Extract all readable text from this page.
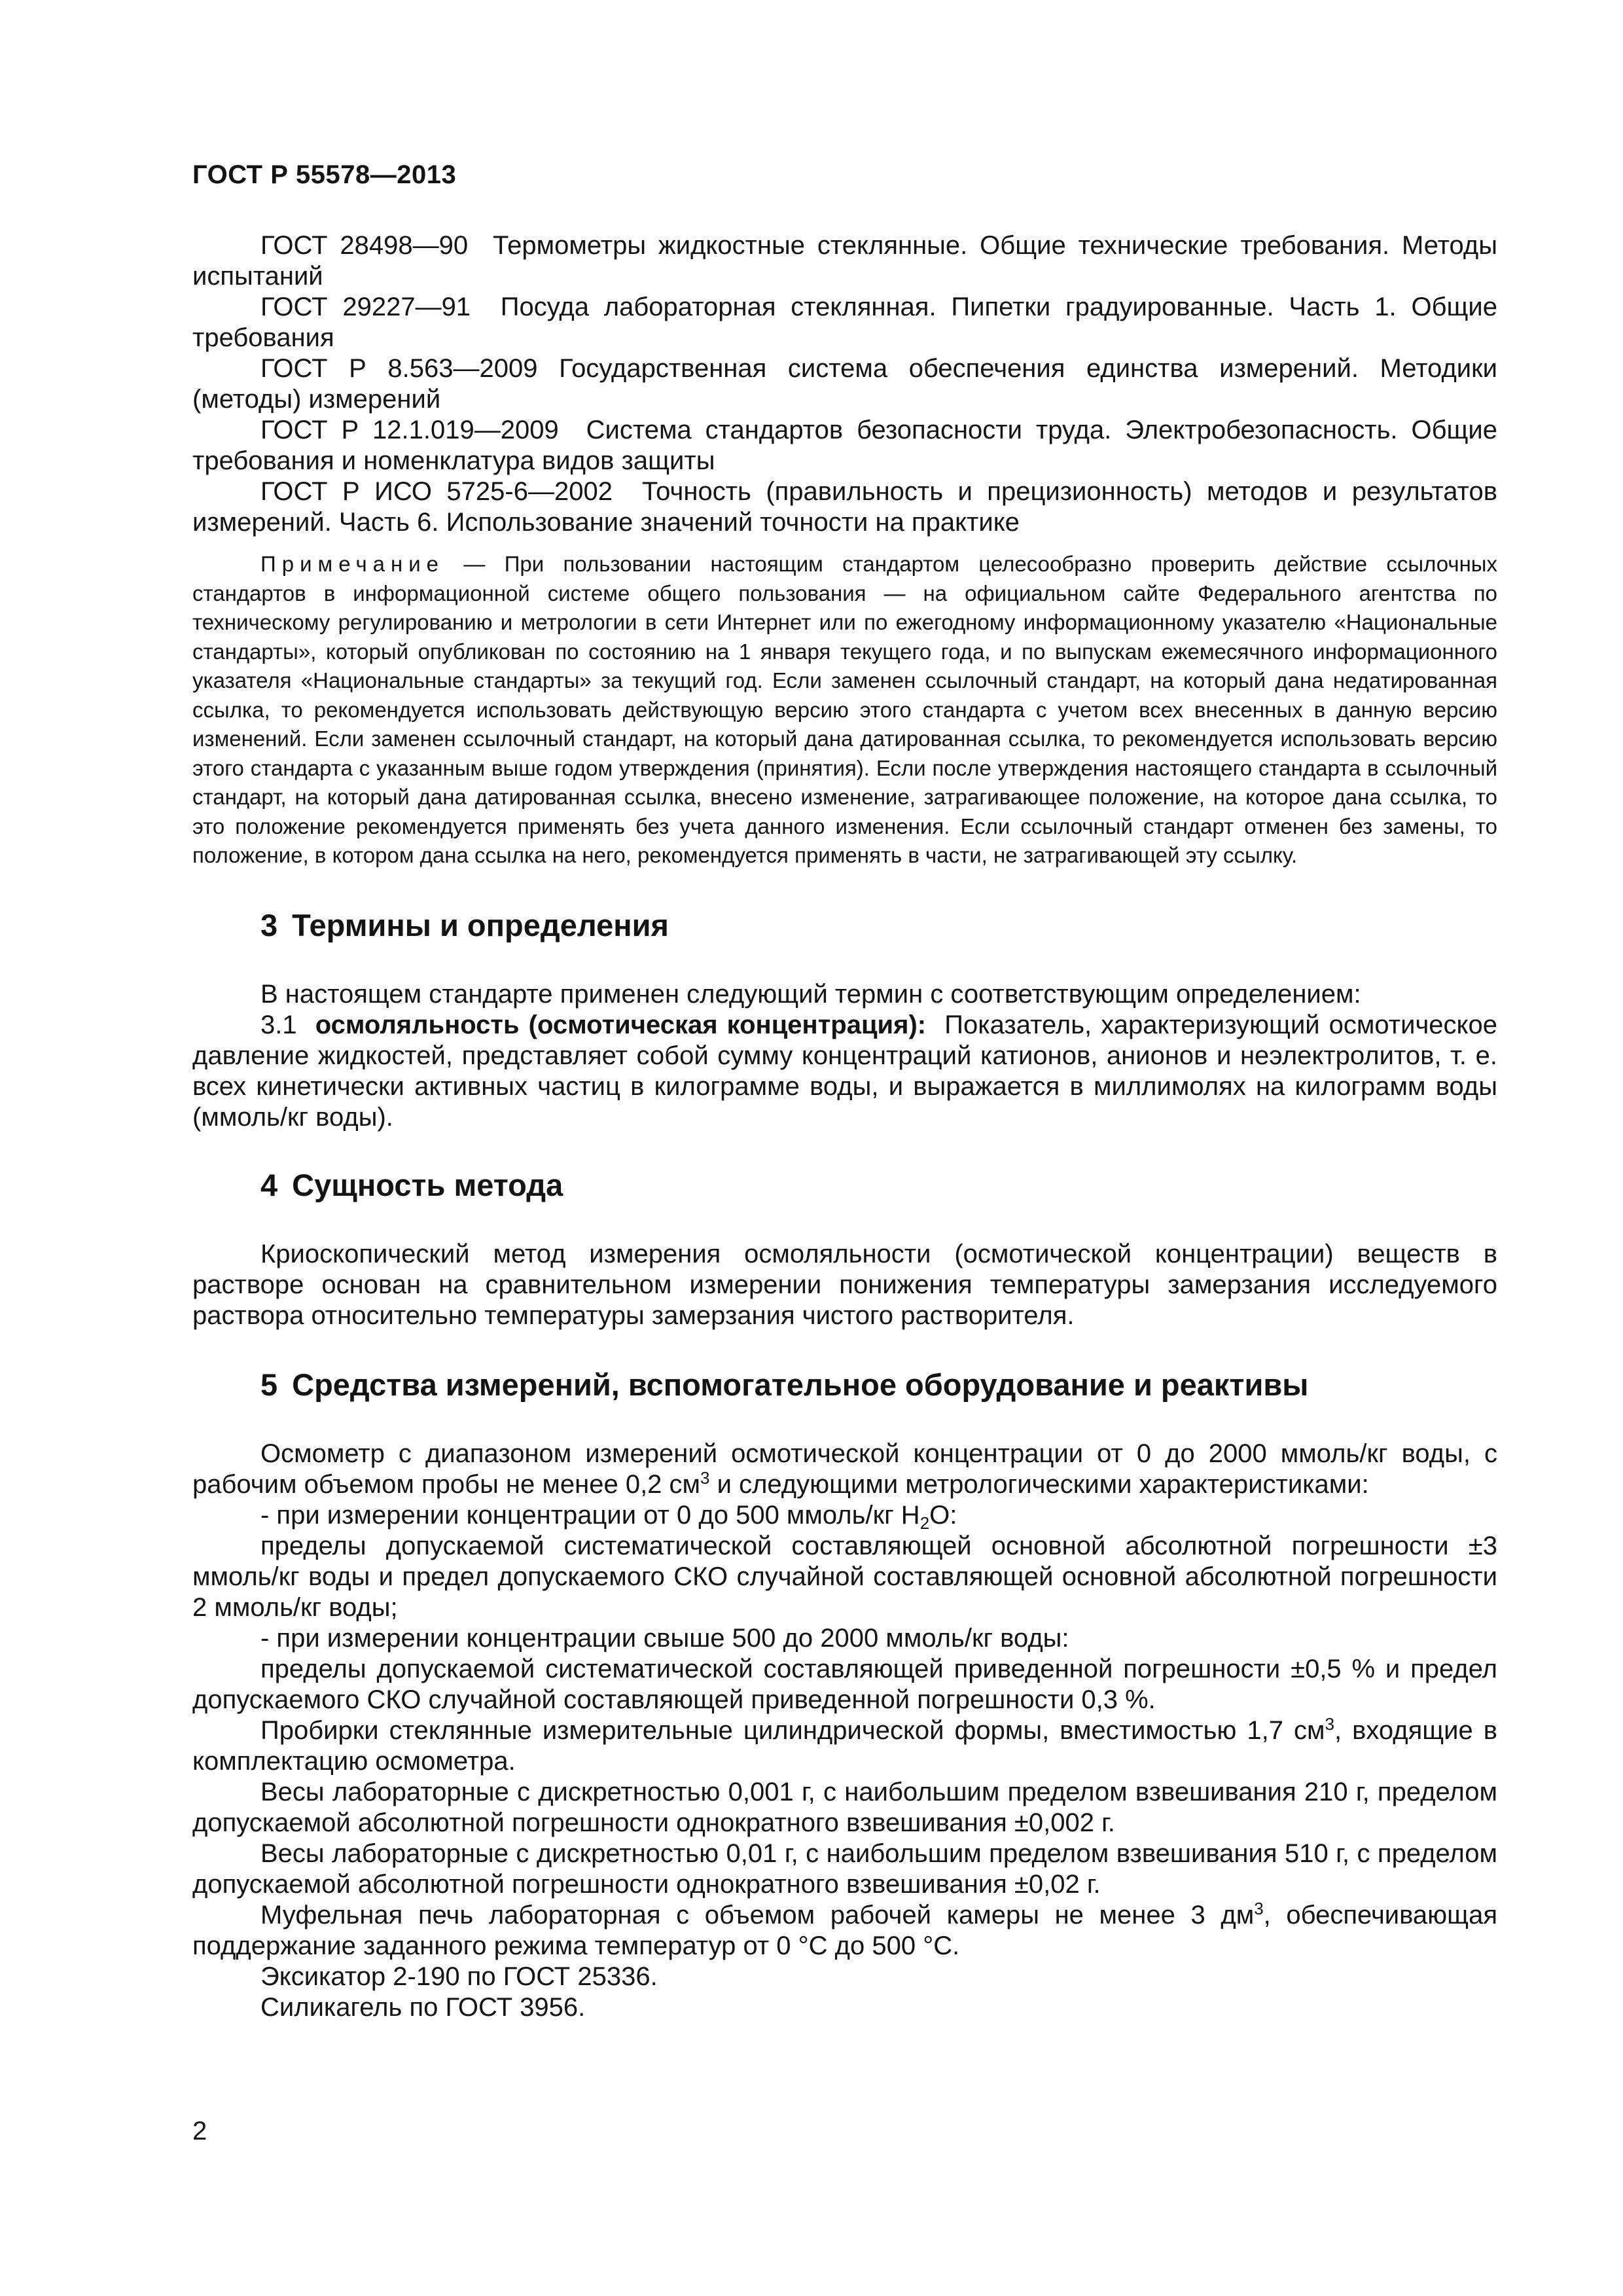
ГОСТ Р 55578—2013

ГОСТ 28498—90 Термометры жидкостные стеклянные. Общие технические требования. Методы испытаний

ГОСТ 29227—91 Посуда лабораторная стеклянная. Пипетки градуированные. Часть 1. Общие требования

ГОСТ Р 8.563—2009 Государственная система обеспечения единства измерений. Методики (методы) измерений

ГОСТ Р 12.1.019—2009 Система стандартов безопасности труда. Электробезопасность. Общие требования и номенклатура видов защиты

ГОСТ Р ИСО 5725-6—2002 Точность (правильность и прецизионность) методов и результатов измерений. Часть 6. Использование значений точности на практике

Примечание — При пользовании настоящим стандартом целесообразно проверить действие ссылочных стандартов в информационной системе общего пользования — на официальном сайте Федерального агентства по техническому регулированию и метрологии в сети Интернет или по ежегодному информационному указателю «Национальные стандарты», который опубликован по состоянию на 1 января текущего года, и по выпускам ежемесячного информационного указателя «Национальные стандарты» за текущий год. Если заменен ссылочный стандарт, на который дана недатированная ссылка, то рекомендуется использовать действующую версию этого стандарта с учетом всех внесенных в данную версию изменений. Если заменен ссылочный стандарт, на который дана датированная ссылка, то рекомендуется использовать версию этого стандарта с указанным выше годом утверждения (принятия). Если после утверждения настоящего стандарта в ссылочный стандарт, на который дана датированная ссылка, внесено изменение, затрагивающее положение, на которое дана ссылка, то это положение рекомендуется применять без учета данного изменения. Если ссылочный стандарт отменен без замены, то положение, в котором дана ссылка на него, рекомендуется применять в части, не затрагивающей эту ссылку.

3 Термины и определения

В настоящем стандарте применен следующий термин с соответствующим определением:

3.1 осмоляльность (осмотическая концентрация): Показатель, характеризующий осмотическое давление жидкостей, представляет собой сумму концентраций катионов, анионов и неэлектролитов, т. е. всех кинетически активных частиц в килограмме воды, и выражается в миллимолях на килограмм воды (ммоль/кг воды).

4 Сущность метода

Криоскопический метод измерения осмоляльности (осмотической концентрации) веществ в растворе основан на сравнительном измерении понижения температуры замерзания исследуемого раствора относительно температуры замерзания чистого растворителя.

5 Средства измерений, вспомогательное оборудование и реактивы

Осмометр с диапазоном измерений осмотической концентрации от 0 до 2000 ммоль/кг воды, с рабочим объемом пробы не менее 0,2 $см^3$ и следующими метрологическими характеристиками:

- при измерении концентрации от 0 до 500 ммоль/кг $H_2O$:

пределы допускаемой систематической составляющей основной абсолютной погрешности ±3 ммоль/кг воды и предел допускаемого СКО случайной составляющей основной абсолютной погрешности 2 ммоль/кг воды;

- при измерении концентрации свыше 500 до 2000 ммоль/кг воды:

пределы допускаемой систематической составляющей приведенной погрешности ±0,5 % и предел допускаемого СКО случайной составляющей приведенной погрешности 0,3 %.

Пробирки стеклянные измерительные цилиндрической формы, вместимостью 1,7 $см^3$, входящие в комплектацию осмометра.

Весы лабораторные с дискретностью 0,001 г, с наибольшим пределом взвешивания 210 г, пределом допускаемой абсолютной погрешности однократного взвешивания ±0,002 г.

Весы лабораторные с дискретностью 0,01 г, с наибольшим пределом взвешивания 510 г, с пределом допускаемой абсолютной погрешности однократного взвешивания ±0,02 г.

Муфельная печь лабораторная с объемом рабочей камеры не менее 3 $дм^3$, обеспечивающая поддержание заданного режима температур от 0 °С до 500 °С.

Эксикатор 2-190 по ГОСТ 25336.

Силикагель по ГОСТ 3956.

2
